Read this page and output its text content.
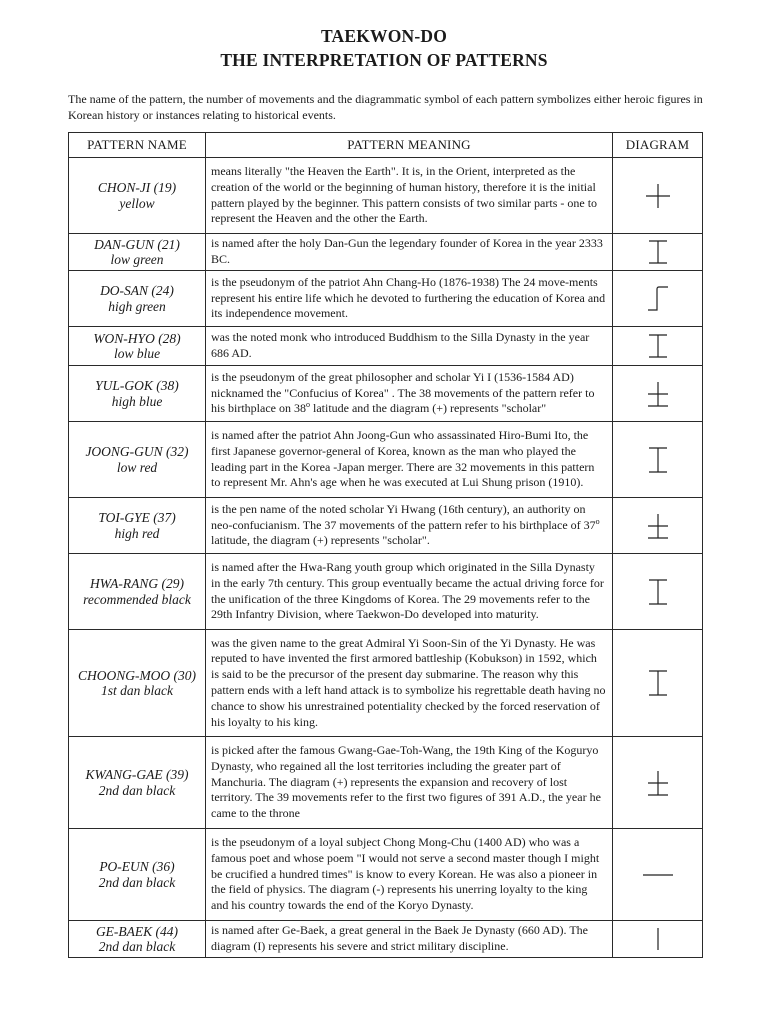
TAEKWON-DO
THE INTERPRETATION OF PATTERNS
The name of the pattern, the number of movements and the diagrammatic symbol of each pattern symbolizes either heroic figures in Korean history or instances relating to historical events.
PATTERN NAME	PATTERN MEANING	DIAGRAM
CHON-JI (19)
yellow	means literally "the Heaven the Earth". It is, in the Orient, interpreted as the creation of the world or the beginning of human history, therefore it is the initial pattern played by the beginner. This pattern consists of two similar parts - one to represent the Heaven and the other the Earth.	
DAN-GUN (21)
low green	is named after the holy Dan-Gun the legendary founder of Korea in the year 2333 BC.	
DO-SAN (24)
high green	is the pseudonym of the patriot Ahn Chang-Ho (1876-1938) The 24 move-ments represent his entire life which he devoted to furthering the education of Korea and its independence movement.	
WON-HYO (28)
low blue	was the noted monk who introduced Buddhism to the Silla Dynasty in the year 686 AD.	
YUL-GOK (38)
high blue	is the pseudonym of the great philosopher and scholar Yi I (1536-1584 AD) nicknamed the "Confucius of Korea" . The 38 movements of the pattern refer to his birthplace on 38$^o$ latitude and the diagram (+) represents "scholar"	
JOONG-GUN (32)
low red	is named after the patriot Ahn Joong-Gun who assassinated Hiro-Bumi Ito, the first Japanese governor-general of Korea, known as the man who played the leading part in the Korea -Japan merger. There are 32 movements in this pattern to represent Mr. Ahn's age when he was executed at Lui Shung prison (1910).	
TOI-GYE (37)
high red	is the pen name of the noted scholar Yi Hwang (16th century), an authority on neo-confucianism. The 37 movements of the pattern refer to his birthplace of 37$^o$ latitude, the diagram (+) represents "scholar".	
HWA-RANG (29)
recommended black	is named after the Hwa-Rang youth group which originated in the Silla Dynasty in the early 7th century. This group eventually became the actual driving force for the unification of the three Kingdoms of Korea. The 29 movements refer to the 29th Infantry Division, where Taekwon-Do developed into maturity.	
CHOONG-MOO (30)
1st dan black	was the given name to the great Admiral Yi Soon-Sin of the Yi Dynasty. He was reputed to have invented the first armored battleship (Kobukson) in 1592, which is said to be the precursor of the present day submarine. The reason why this pattern ends with a left hand attack is to symbolize his regrettable death having no chance to show his unrestrained potentiality checked by the forced reservation of his loyalty to his king.	
KWANG-GAE (39)
2nd dan black	is picked after the famous Gwang-Gae-Toh-Wang, the 19th King of the Koguryo Dynasty, who regained all the lost territories including the greater part of Manchuria. The diagram (+) represents the expansion and recovery of lost territory. The 39 movements refer to the first two figures of 391 A.D., the year he came to the throne	
PO-EUN (36)
2nd dan black	is the pseudonym of a loyal subject Chong Mong-Chu (1400 AD) who was a famous poet and whose poem "I would not serve a second master though I might be crucified a hundred times" is know to every Korean. He was also a pioneer in the field of physics. The diagram (-) represents his unerring loyalty to the king and his country towards the end of the Koryo Dynasty.	
GE-BAEK (44)
2nd dan black	is named after Ge-Baek, a great general in the Baek Je Dynasty (660 AD). The diagram (I) represents his severe and strict military discipline.	
